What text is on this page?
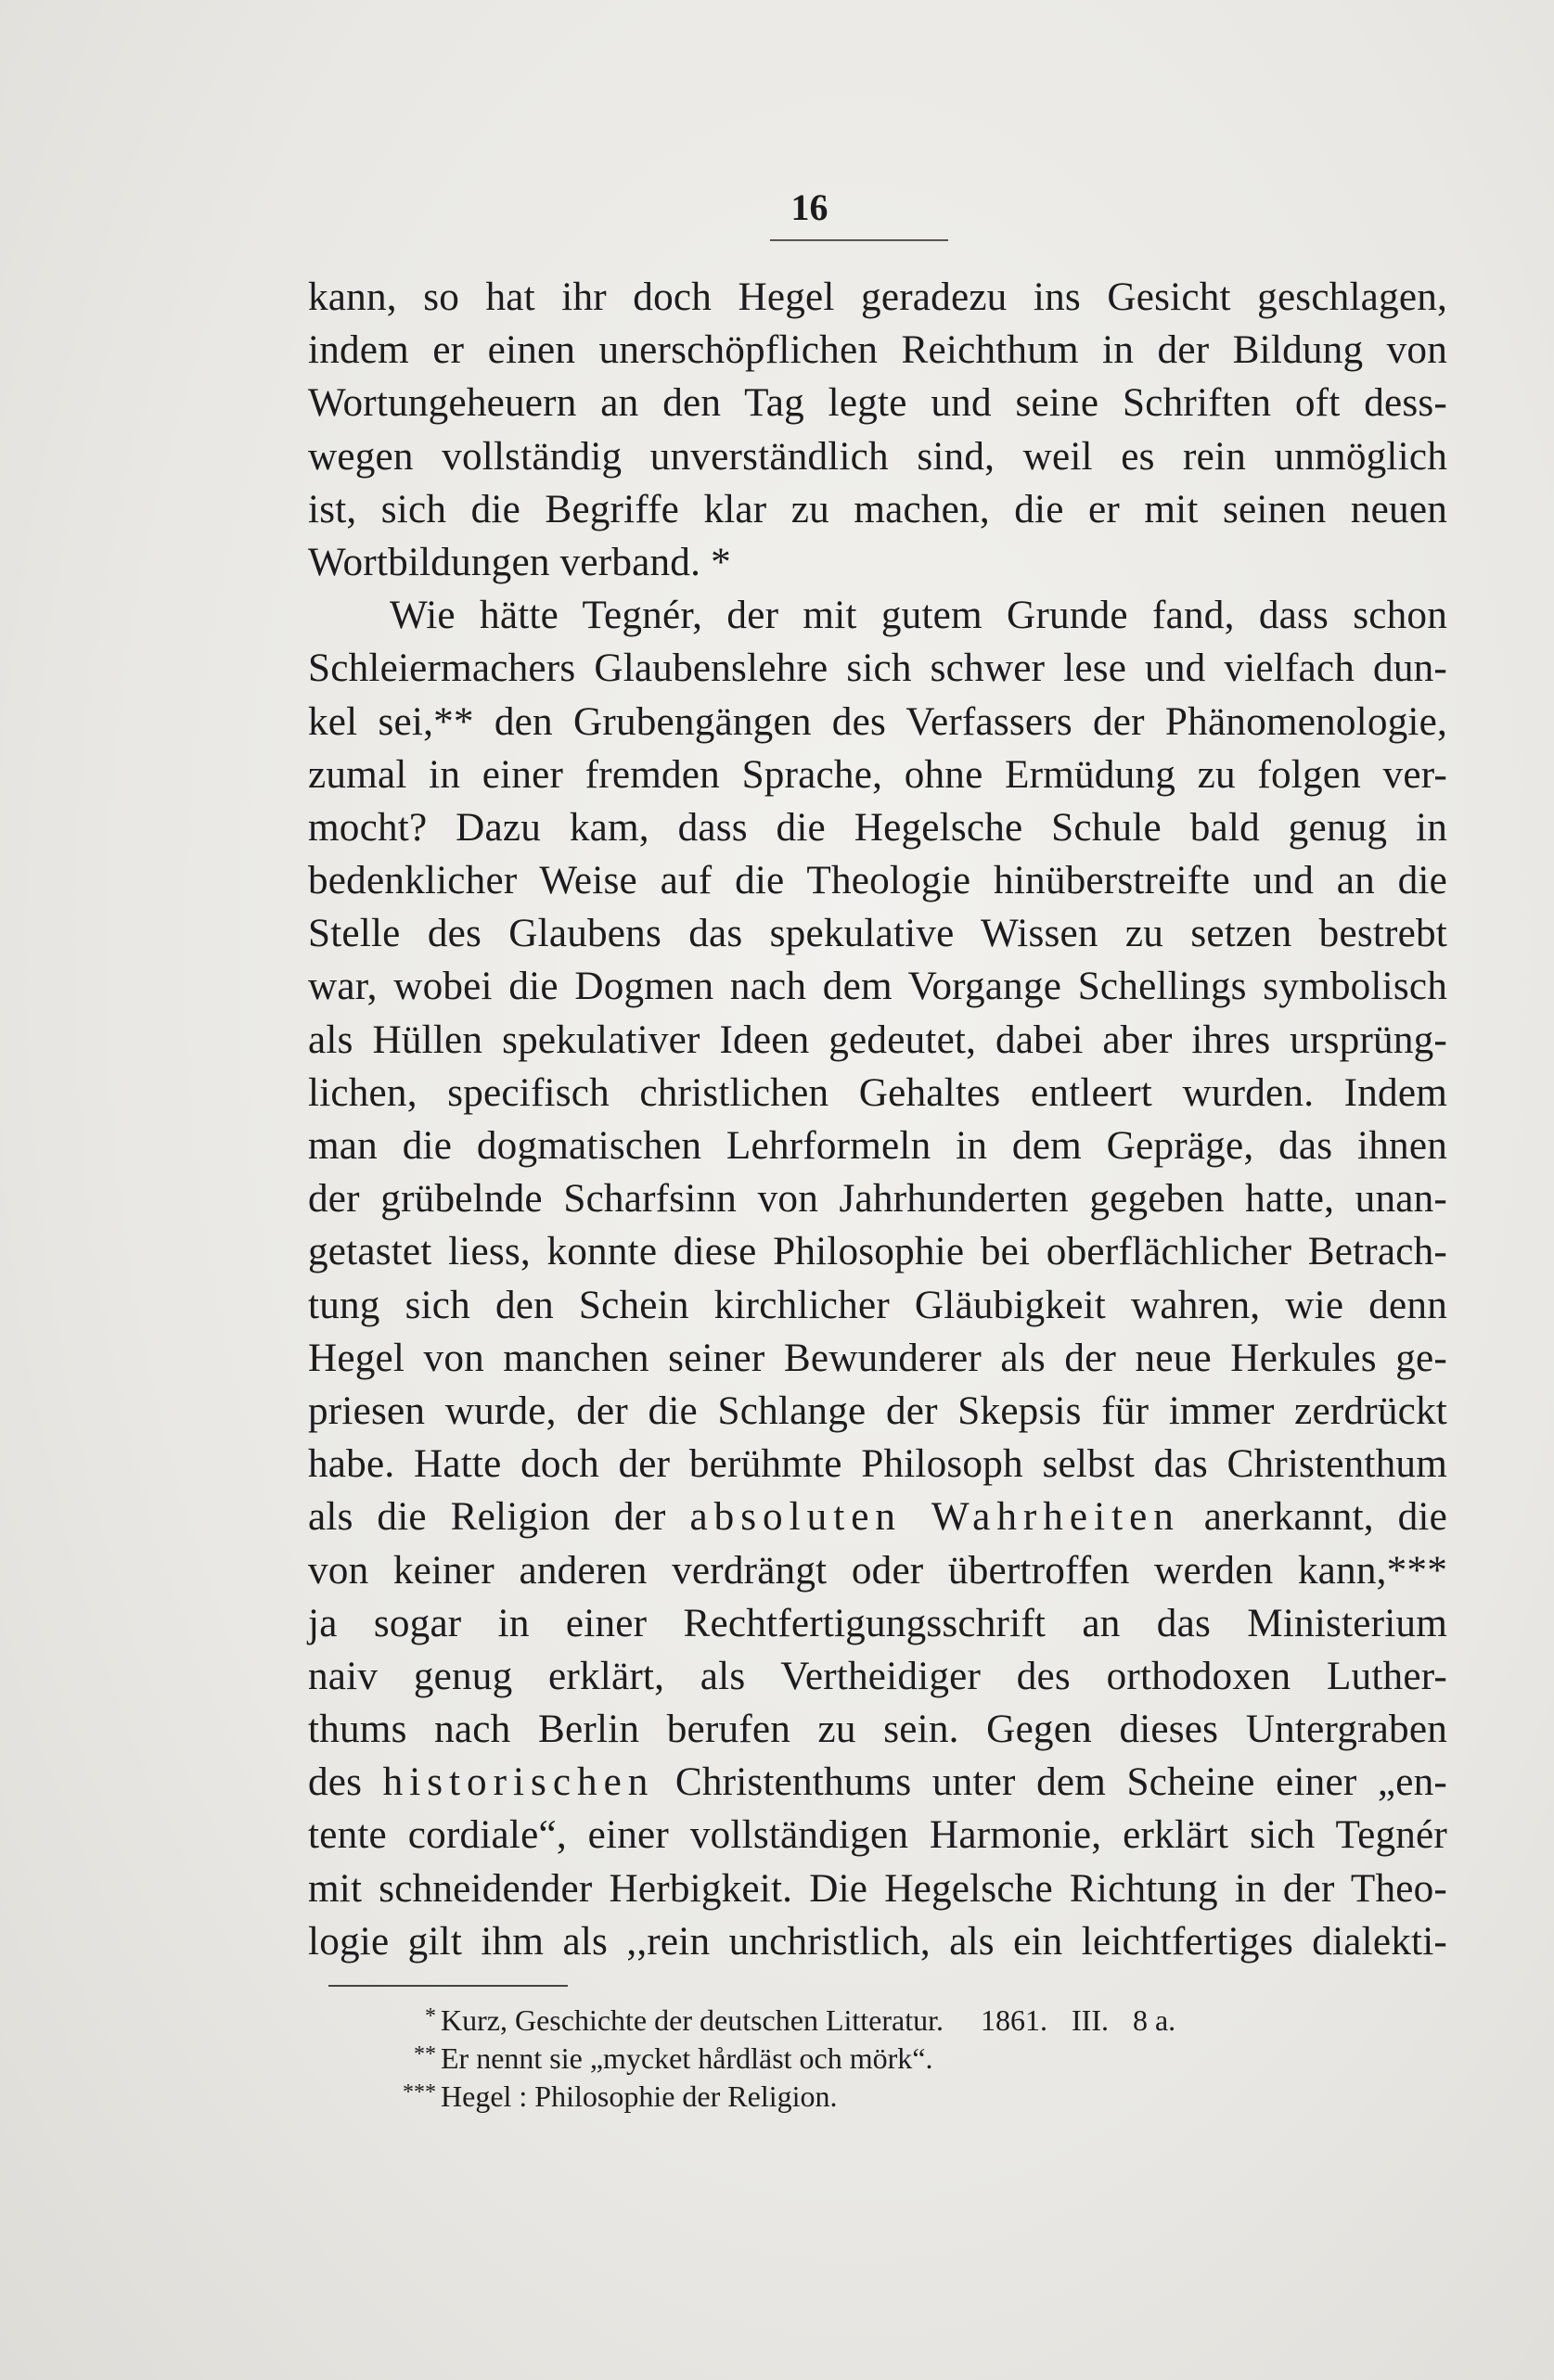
16
kann, so hat ihr doch Hegel geradezu ins Gesicht geschlagen,
indem er einen unerschöpflichen Reichthum in der Bildung von
Wortungeheuern an den Tag legte und seine Schriften oft dess-
wegen vollständig unverständlich sind, weil es rein unmöglich
ist, sich die Begriffe klar zu machen, die er mit seinen neuen
Wortbildungen verband. *
Wie hätte Tegnér, der mit gutem Grunde fand, dass schon
Schleiermachers Glaubenslehre sich schwer lese und vielfach dun-
kel sei,** den Grubengängen des Verfassers der Phänomenologie,
zumal in einer fremden Sprache, ohne Ermüdung zu folgen ver-
mocht? Dazu kam, dass die Hegelsche Schule bald genug in
bedenklicher Weise auf die Theologie hinüberstreifte und an die
Stelle des Glaubens das spekulative Wissen zu setzen bestrebt
war, wobei die Dogmen nach dem Vorgange Schellings symbolisch
als Hüllen spekulativer Ideen gedeutet, dabei aber ihres ursprüng-
lichen, specifisch christlichen Gehaltes entleert wurden. Indem
man die dogmatischen Lehrformeln in dem Gepräge, das ihnen
der grübelnde Scharfsinn von Jahrhunderten gegeben hatte, unan-
getastet liess, konnte diese Philosophie bei oberflächlicher Betrach-
tung sich den Schein kirchlicher Gläubigkeit wahren, wie denn
Hegel von manchen seiner Bewunderer als der neue Herkules ge-
priesen wurde, der die Schlange der Skepsis für immer zerdrückt
habe. Hatte doch der berühmte Philosoph selbst das Christenthum
als die Religion der absoluten Wahrheiten anerkannt, die
von keiner anderen verdrängt oder übertroffen werden kann,***
ja sogar in einer Rechtfertigungsschrift an das Ministerium
naiv genug erklärt, als Vertheidiger des orthodoxen Luther-
thums nach Berlin berufen zu sein. Gegen dieses Untergraben
des historischen Christenthums unter dem Scheine einer „en-
tente cordiale“, einer vollständigen Harmonie, erklärt sich Tegnér
mit schneidender Herbigkeit. Die Hegelsche Richtung in der Theo-
logie gilt ihm als ,,rein unchristlich, als ein leichtfertiges dialekti-
* Kurz, Geschichte der deutschen Litteratur. 1861. III. 8 a.
** Er nennt sie „mycket hårdläst och mörk“.
*** Hegel : Philosophie der Religion.
